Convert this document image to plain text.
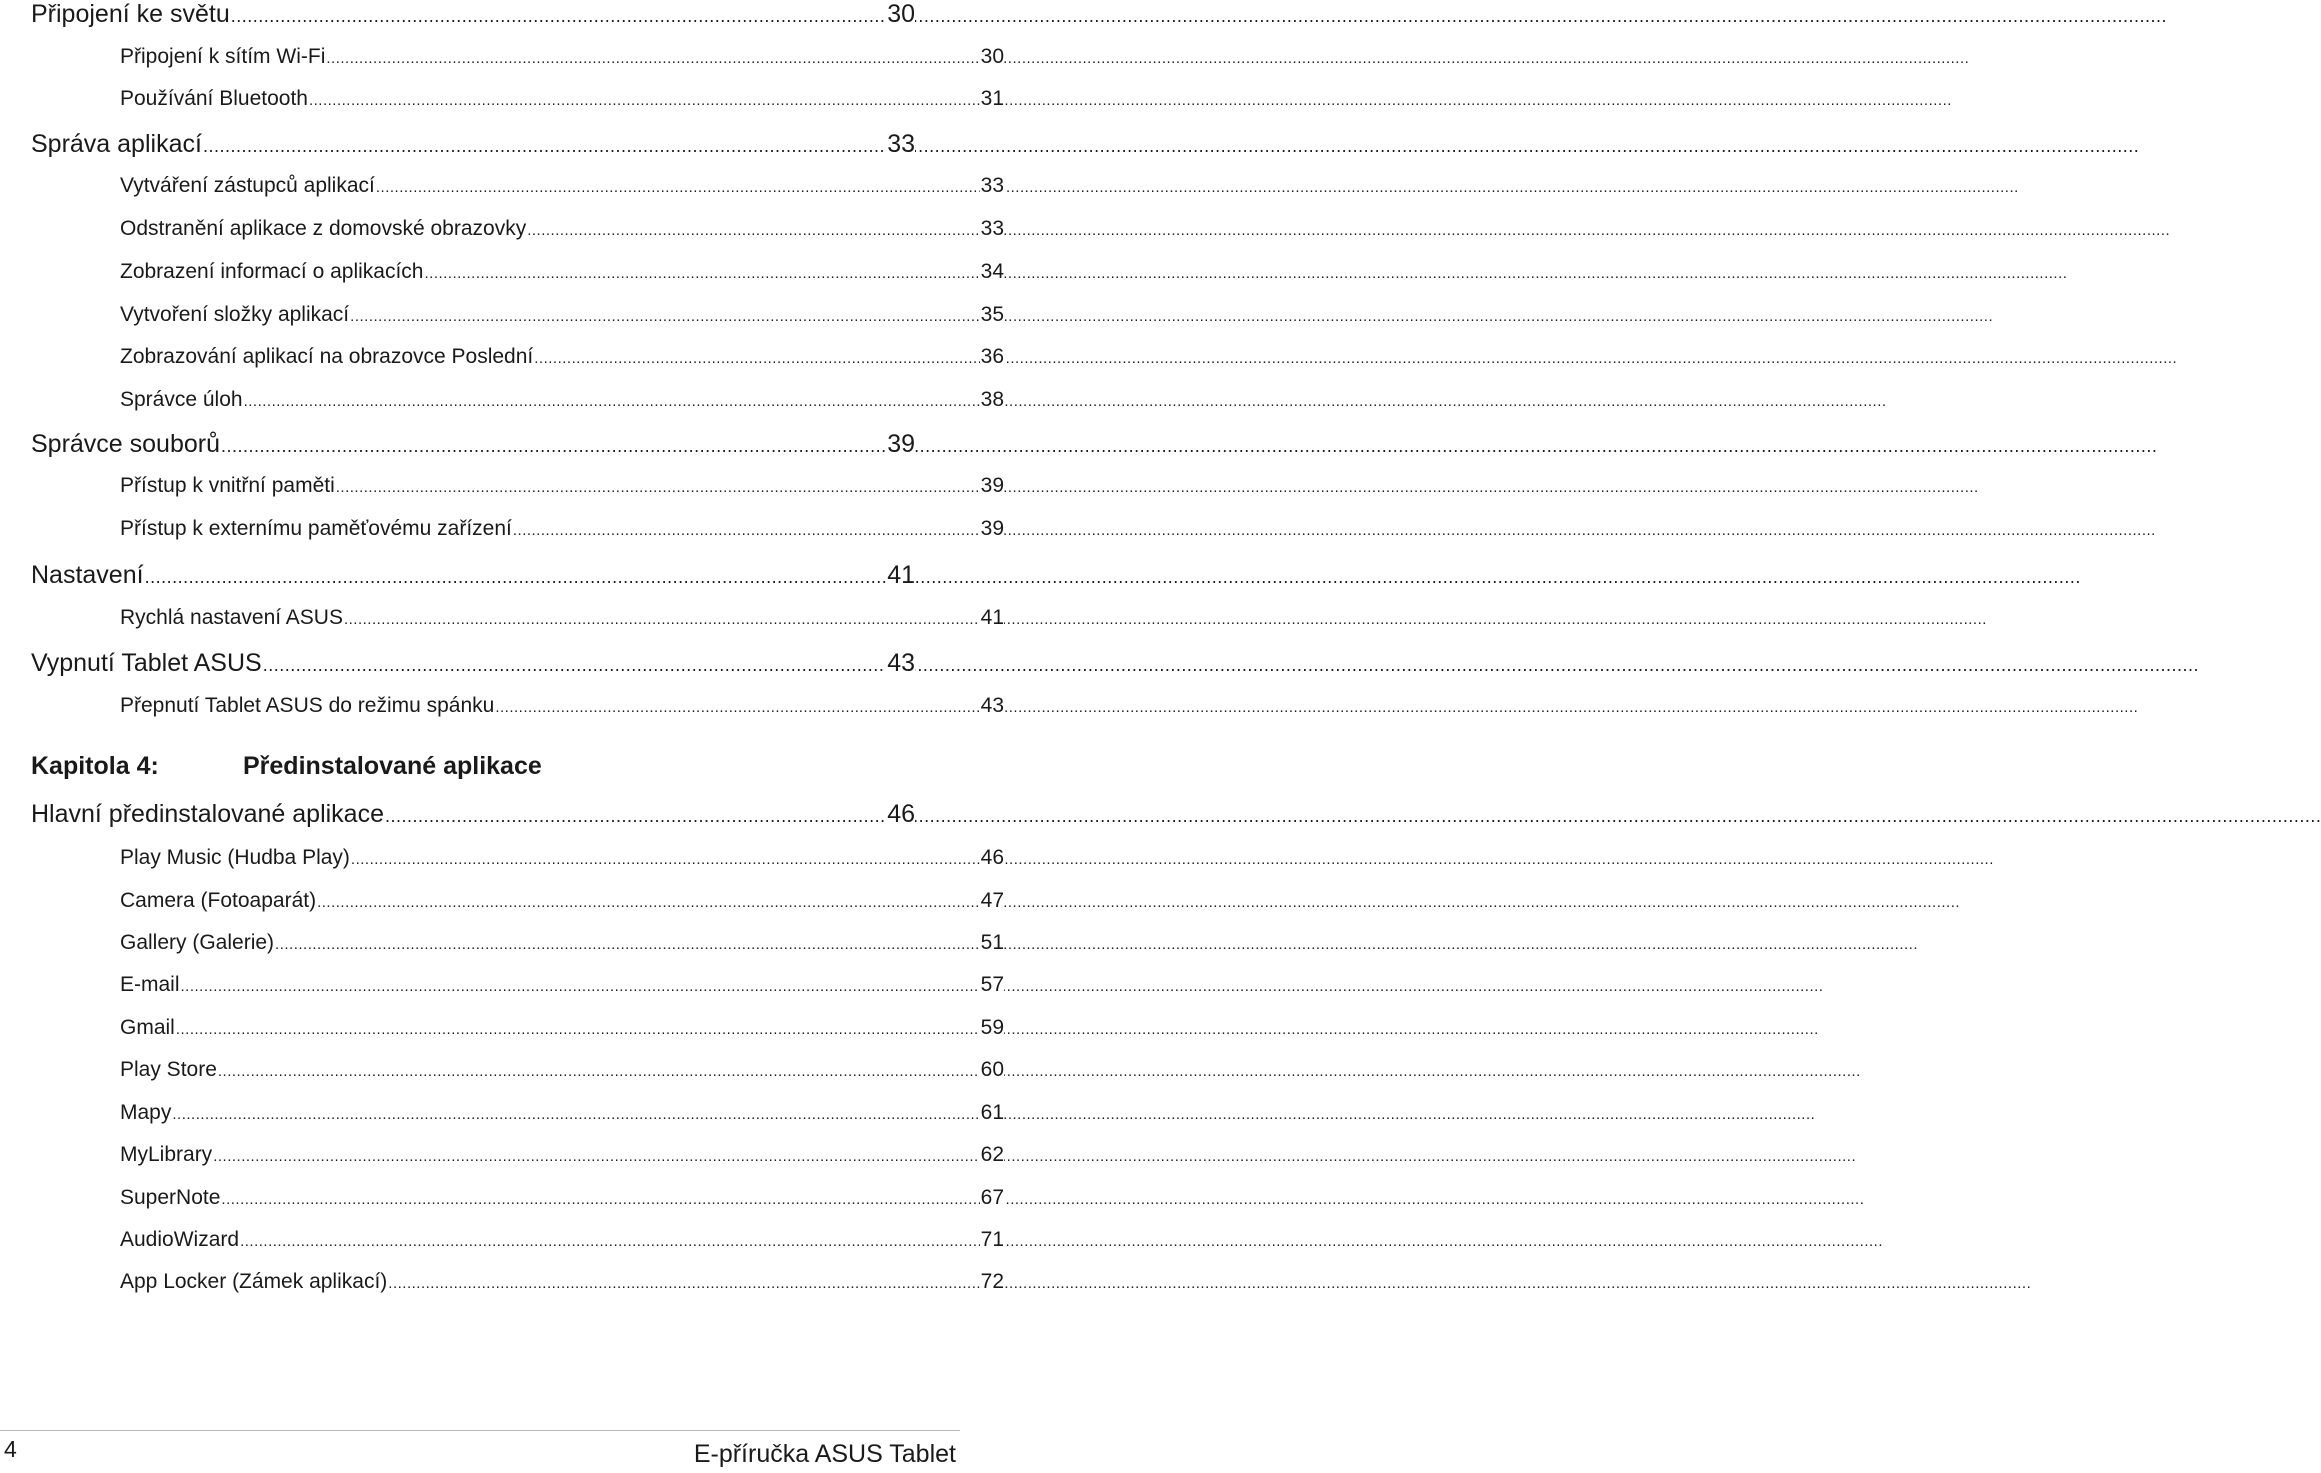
Připojení ke světu .....	30
Připojení k sítím Wi-Fi .....	30
Používání Bluetooth .....	31
Správa aplikací .....	33
Vytváření zástupců aplikací .....	33
Odstranění aplikace z domovské obrazovky .....	33
Zobrazení informací o aplikacích .....	34
Vytvoření složky aplikací .....	35
Zobrazování aplikací na obrazovce Poslední .....	36
Správce úloh .....	38
Správce souborů .....	39
Přístup k vnitřní paměti .....	39
Přístup k externímu paměťovému zařízení .....	39
Nastavení .....	41
Rychlá nastavení ASUS .....	41
Vypnutí Tablet ASUS .....	43
Přepnutí Tablet ASUS do režimu spánku .....	43
Kapitola 4:	Předinstalované aplikace
Hlavní předinstalované aplikace .....	46
Play Music (Hudba Play) .....	46
Camera (Fotoaparát) .....	47
Gallery (Galerie) .....	51
E-mail .....	57
Gmail .....	59
Play Store .....	60
Mapy .....	61
MyLibrary .....	62
SuperNote .....	67
AudioWizard .....	71
App Locker (Zámek aplikací) .....	72
4	E-příručka ASUS Tablet
